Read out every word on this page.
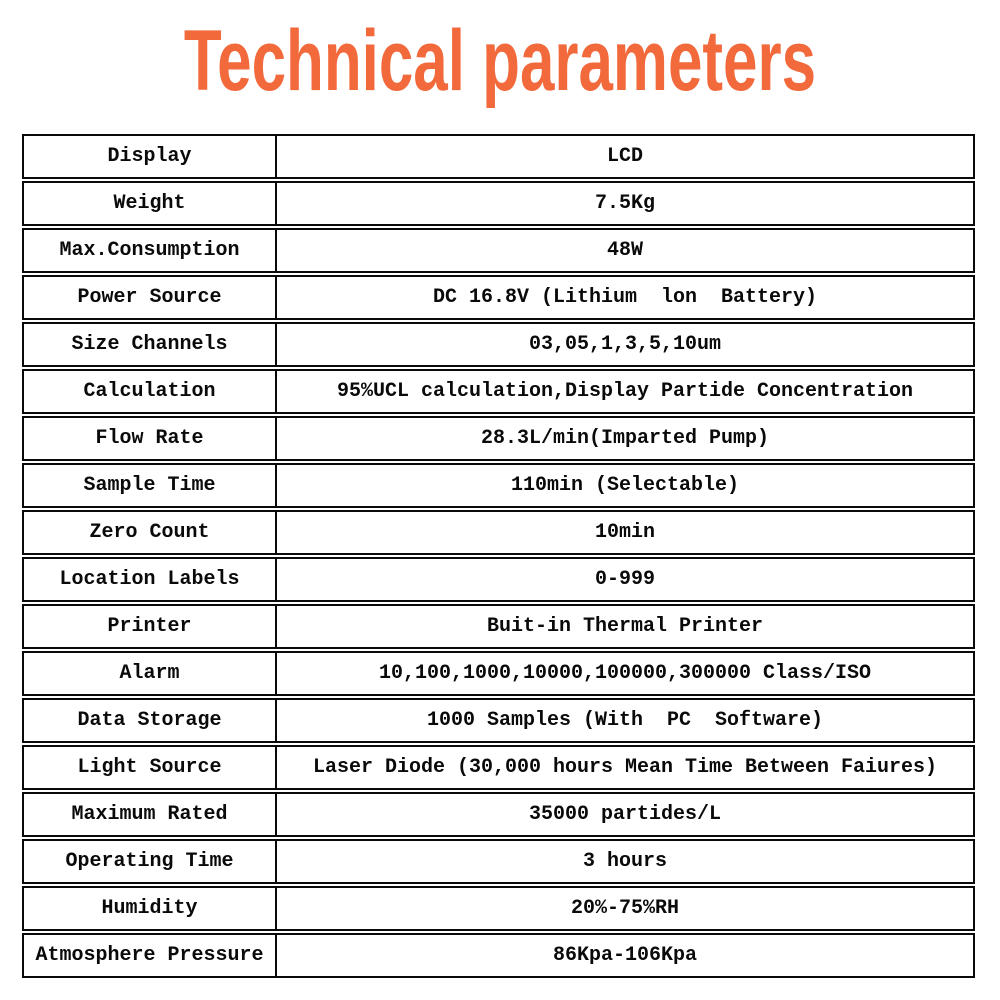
Technical parameters
Display	LCD
Weight	7.5Kg
Max.Consumption	48W
Power Source	DC 16.8V (Lithium  lon  Battery)
Size Channels	03,05,1,3,5,10um
Calculation	95%UCL calculation,Display Partide Concentration
Flow Rate	28.3L/min(Imparted Pump)
Sample Time	110min (Selectable)
Zero Count	10min
Location Labels	0-999
Printer	Buit-in Thermal Printer
Alarm	10,100,1000,10000,100000,300000 Class/ISO
Data Storage	1000 Samples (With  PC  Software)
Light Source	Laser Diode (30,000 hours Mean Time Between Faiures)
Maximum Rated	35000 partides/L
Operating Time	3 hours
Humidity	20%-75%RH
Atmosphere Pressure	86Kpa-106Kpa
